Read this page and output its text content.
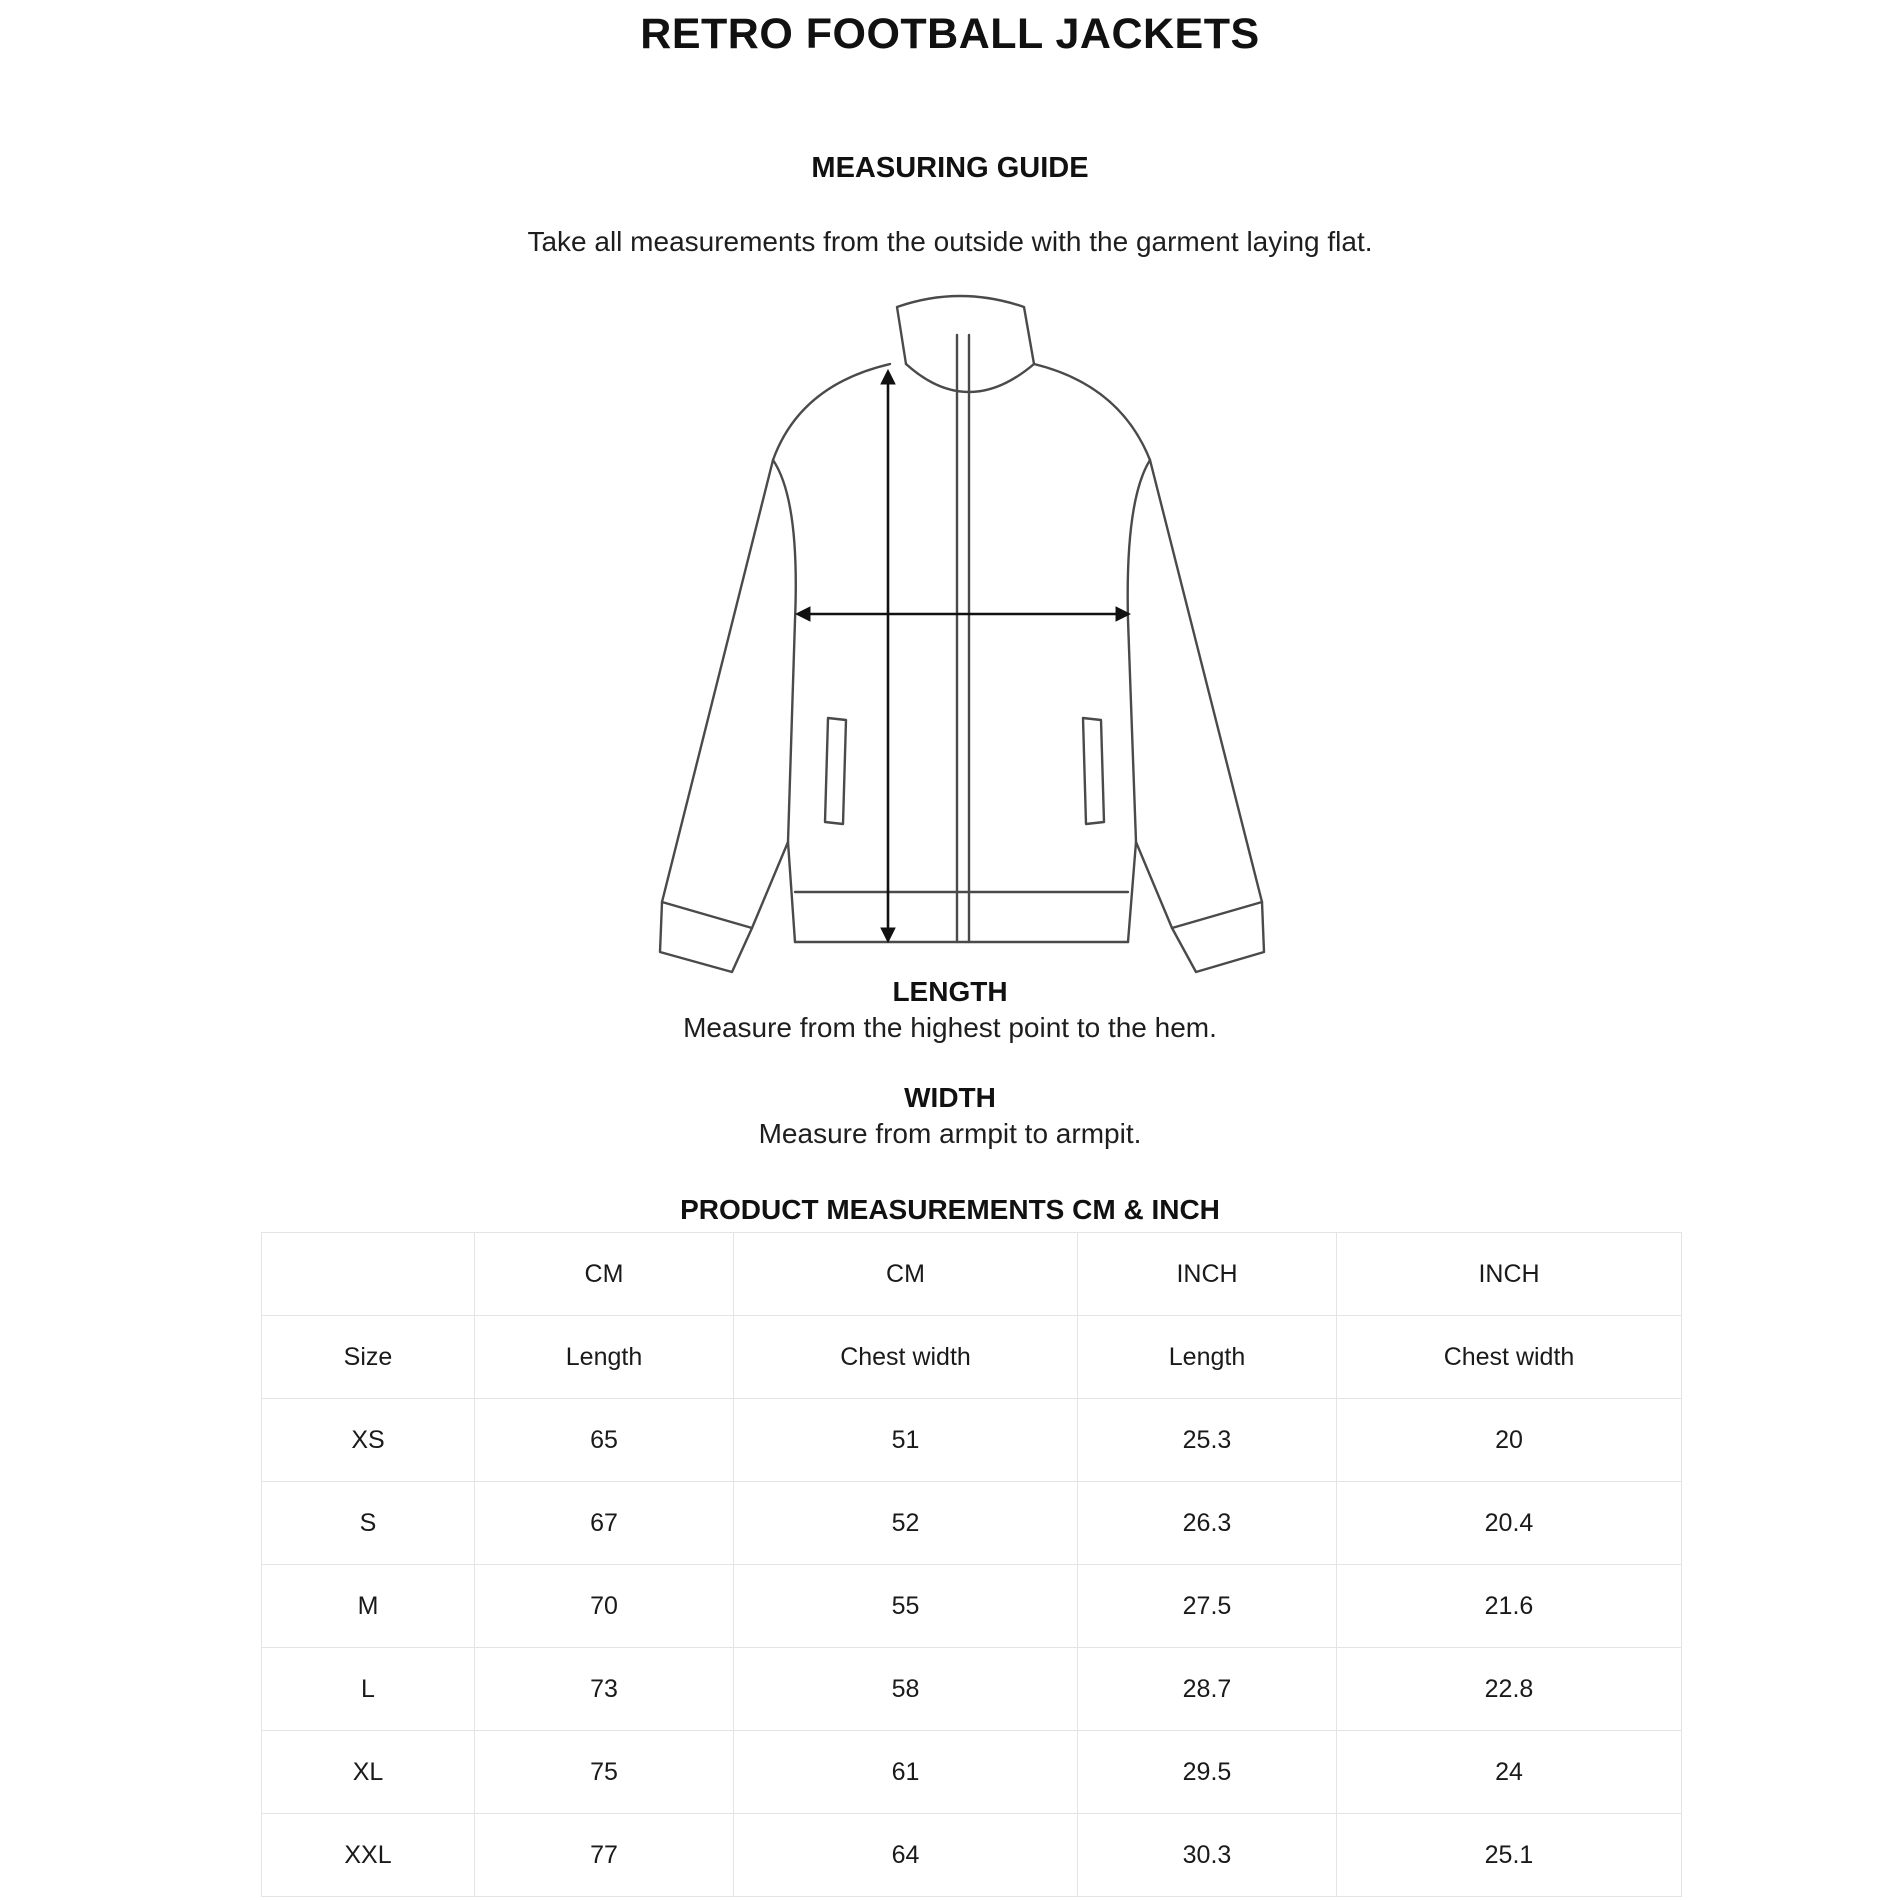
RETRO FOOTBALL JACKETS
MEASURING GUIDE

Take all measurements from the outside with the garment laying flat.

LENGTH

Measure from the highest point to the hem.

WIDTH

Measure from armpit to armpit.

PRODUCT MEASUREMENTS CM & INCH

	CM	CM	INCH	INCH
Size	Length	Chest width	Length	Chest width
XS	65	51	25.3	20
S	67	52	26.3	20.4
M	70	55	27.5	21.6
L	73	58	28.7	22.8
XL	75	61	29.5	24
XXL	77	64	30.3	25.1
